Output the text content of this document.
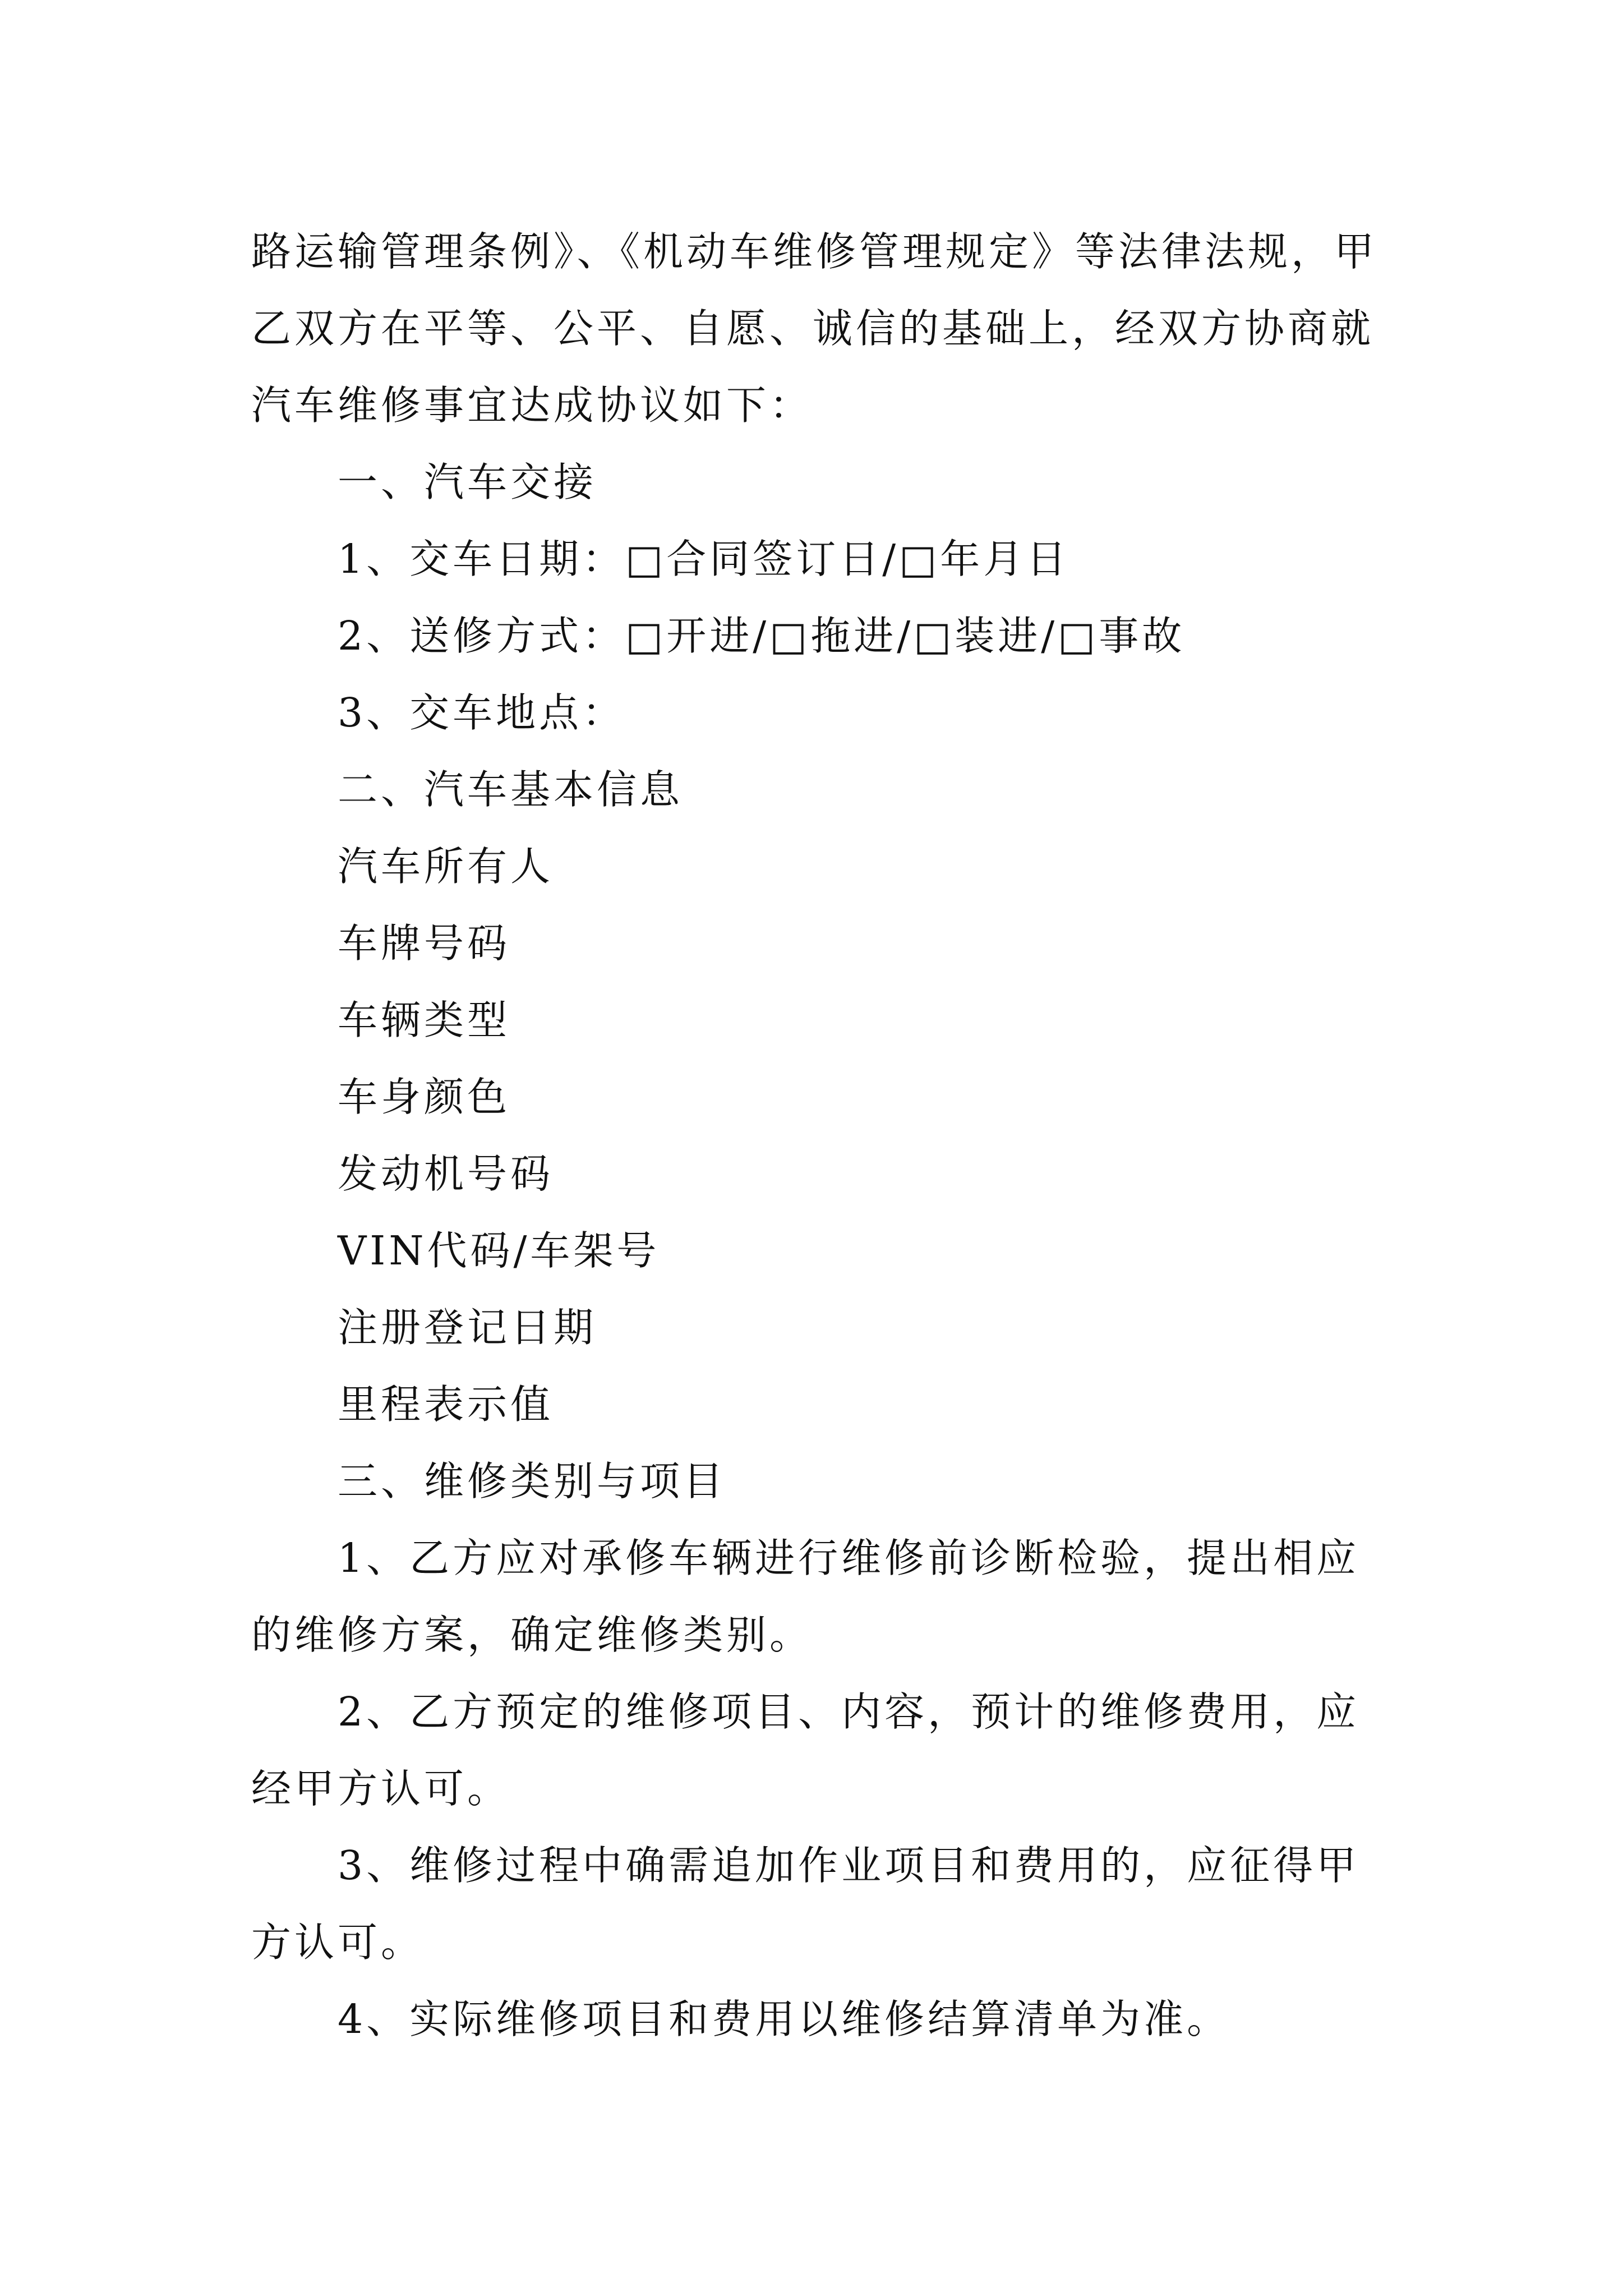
路运输管理条例》、《机动车维修管理规定》等法律法规，甲
乙双方在平等、公平、自愿、诚信的基础上，经双方协商就
汽车维修事宜达成协议如下：
一、汽车交接
1、交车日期：□合同签订日/□年月日
2、送修方式：□开进/□拖进/□装进/□事故
3、交车地点：
二、汽车基本信息
汽车所有人
车牌号码
车辆类型
车身颜色
发动机号码
VIN代码/车架号
注册登记日期
里程表示值
三、维修类别与项目
1、乙方应对承修车辆进行维修前诊断检验，提出相应
的维修方案，确定维修类别。
2、乙方预定的维修项目、内容，预计的维修费用，应
经甲方认可。
3、维修过程中确需追加作业项目和费用的，应征得甲
方认可。
4、实际维修项目和费用以维修结算清单为准。
